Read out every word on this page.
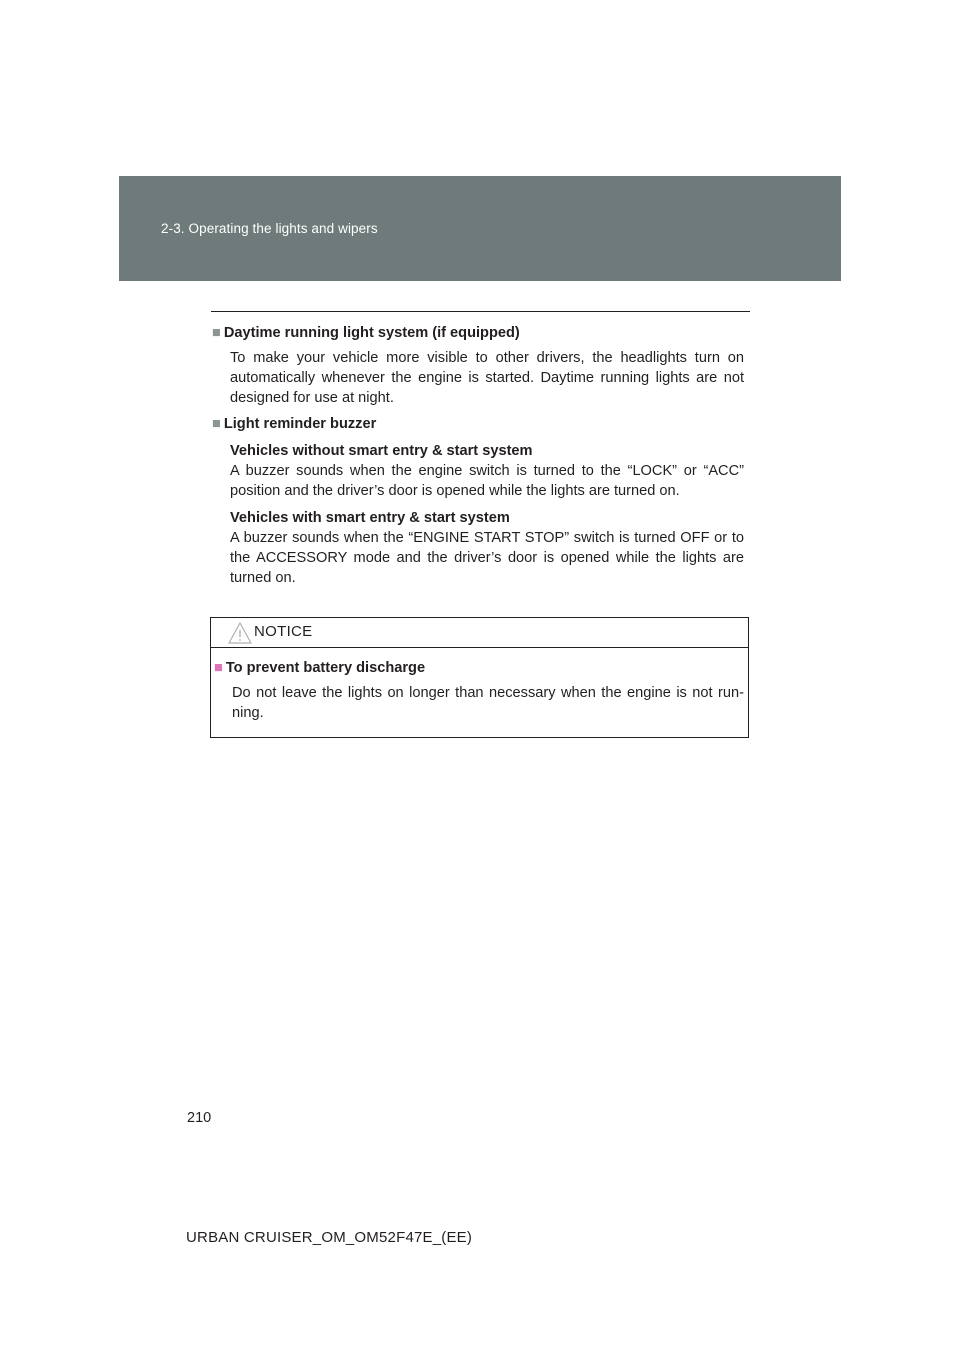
2-3. Operating the lights and wipers

■ Daytime running light system (if equipped)

To make your vehicle more visible to other drivers, the headlights turn on automatically whenever the engine is started. Daytime running lights are not designed for use at night.

■ Light reminder buzzer

Vehicles without smart entry & start system

A buzzer sounds when the engine switch is turned to the “LOCK” or “ACC” position and the driver’s door is opened while the lights are turned on.

Vehicles with smart entry & start system

A buzzer sounds when the “ENGINE START STOP” switch is turned OFF or to the ACCESSORY mode and the driver’s door is opened while the lights are turned on.

NOTICE

■ To prevent battery discharge

Do not leave the lights on longer than necessary when the engine is not run-ning.

210
URBAN CRUISER_OM_OM52F47E_(EE)
